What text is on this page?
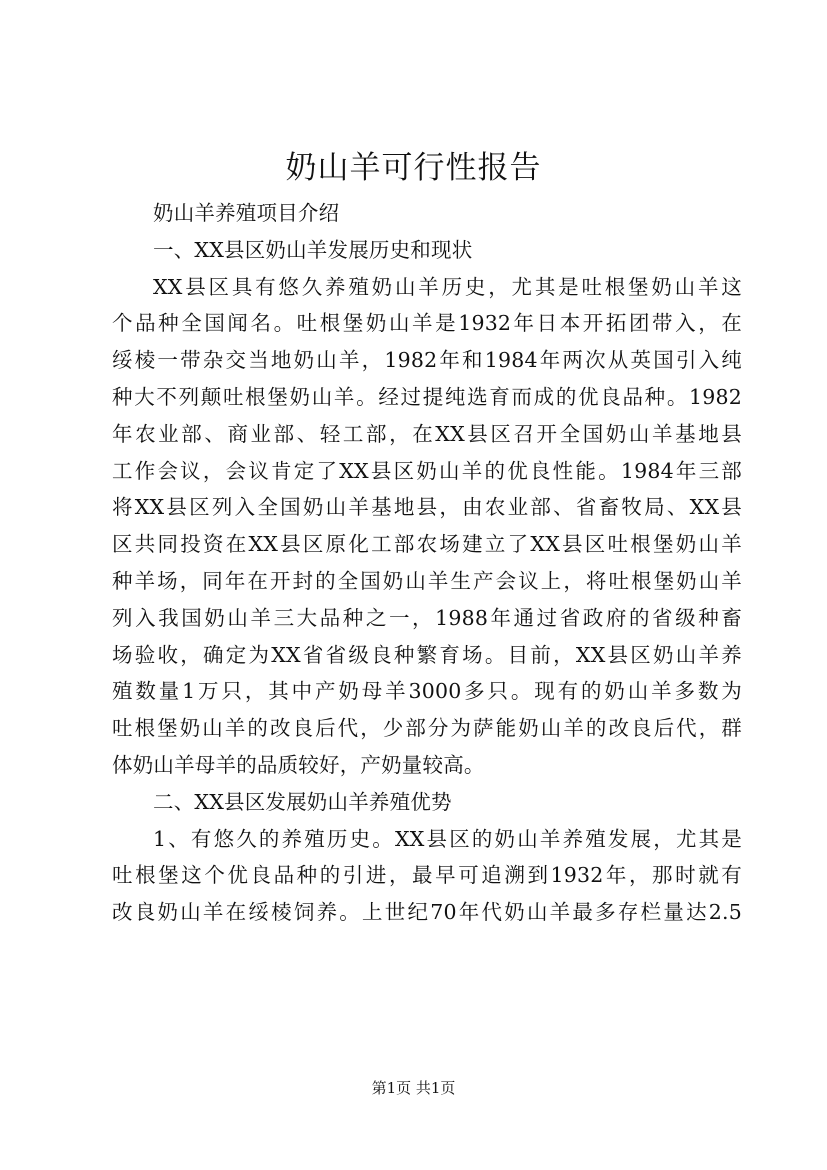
奶山羊可行性报告
奶山羊养殖项目介绍
一、XX县区奶山羊发展历史和现状
XX县区具有悠久养殖奶山羊历史，尤其是吐根堡奶山羊这
个品种全国闻名。吐根堡奶山羊是1932年日本开拓团带入，在
绥棱一带杂交当地奶山羊，1982年和1984年两次从英国引入纯
种大不列颠吐根堡奶山羊。经过提纯选育而成的优良品种。1982
年农业部、商业部、轻工部，在XX县区召开全国奶山羊基地县
工作会议，会议肯定了XX县区奶山羊的优良性能。1984年三部
将XX县区列入全国奶山羊基地县，由农业部、省畜牧局、XX县
区共同投资在XX县区原化工部农场建立了XX县区吐根堡奶山羊
种羊场，同年在开封的全国奶山羊生产会议上，将吐根堡奶山羊
列入我国奶山羊三大品种之一，1988年通过省政府的省级种畜
场验收，确定为XX省省级良种繁育场。目前，XX县区奶山羊养
殖数量1万只，其中产奶母羊3000多只。现有的奶山羊多数为
吐根堡奶山羊的改良后代，少部分为萨能奶山羊的改良后代，群
体奶山羊母羊的品质较好，产奶量较高。
二、XX县区发展奶山羊养殖优势
1、有悠久的养殖历史。XX县区的奶山羊养殖发展，尤其是
吐根堡这个优良品种的引进，最早可追溯到1932年，那时就有
改良奶山羊在绥棱饲养。上世纪70年代奶山羊最多存栏量达2.5
第1页 共1页
